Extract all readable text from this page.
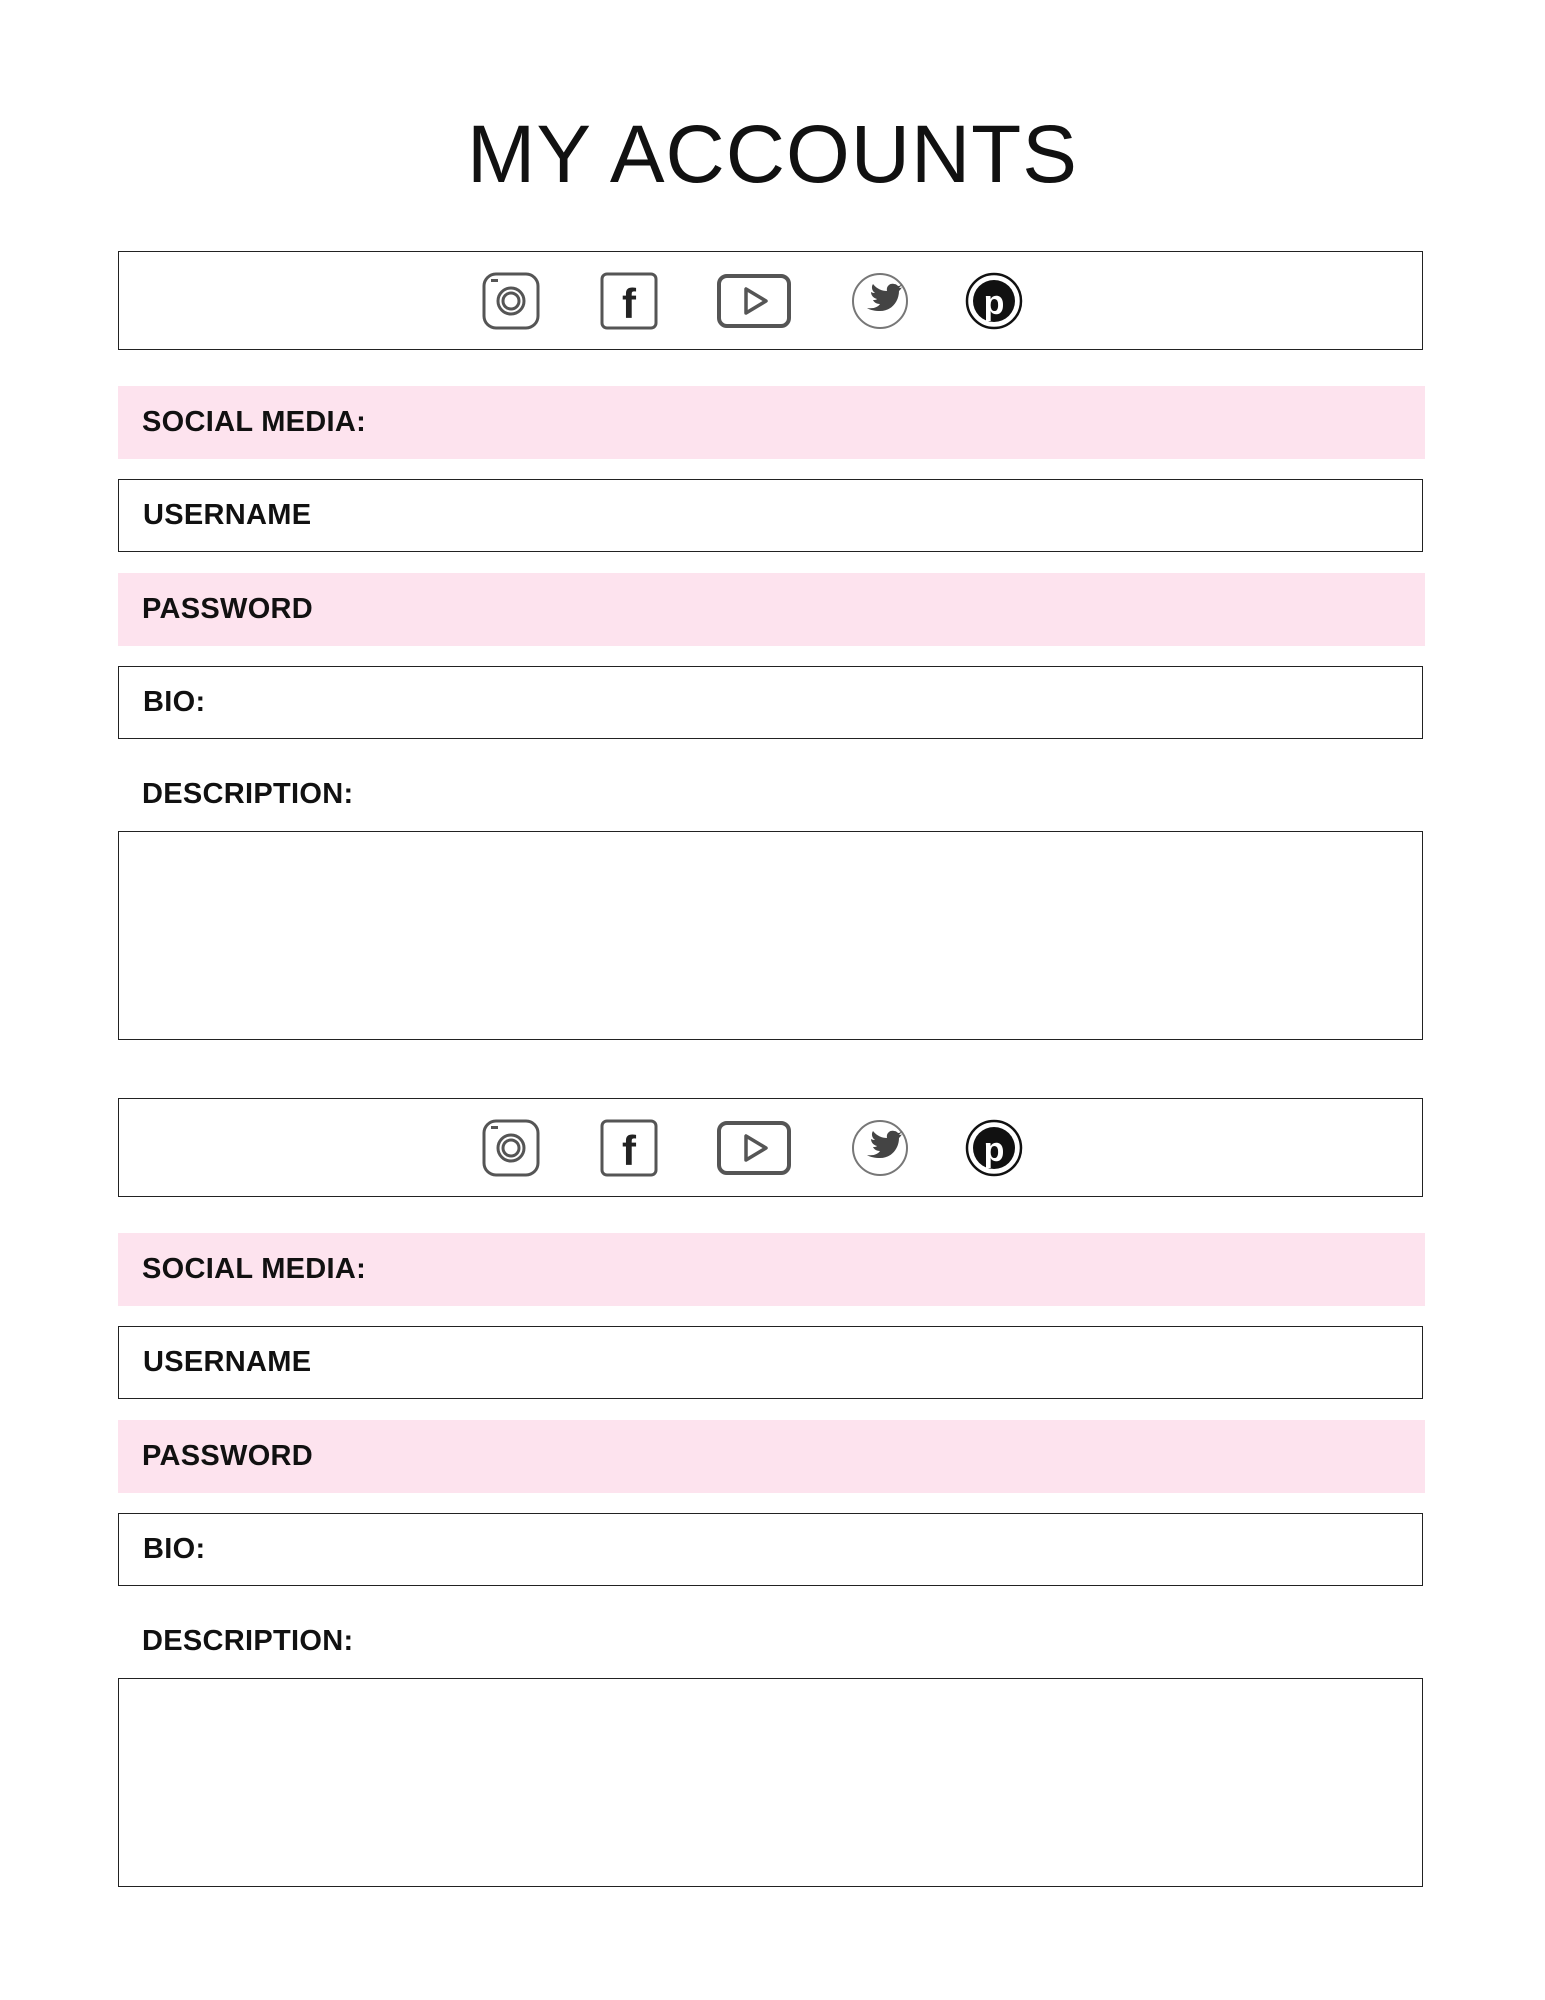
MY ACCOUNTS
f	p
SOCIAL MEDIA:
USERNAME
PASSWORD
BIO:
DESCRIPTION:
f	p
SOCIAL MEDIA:
USERNAME
PASSWORD
BIO:
DESCRIPTION:
